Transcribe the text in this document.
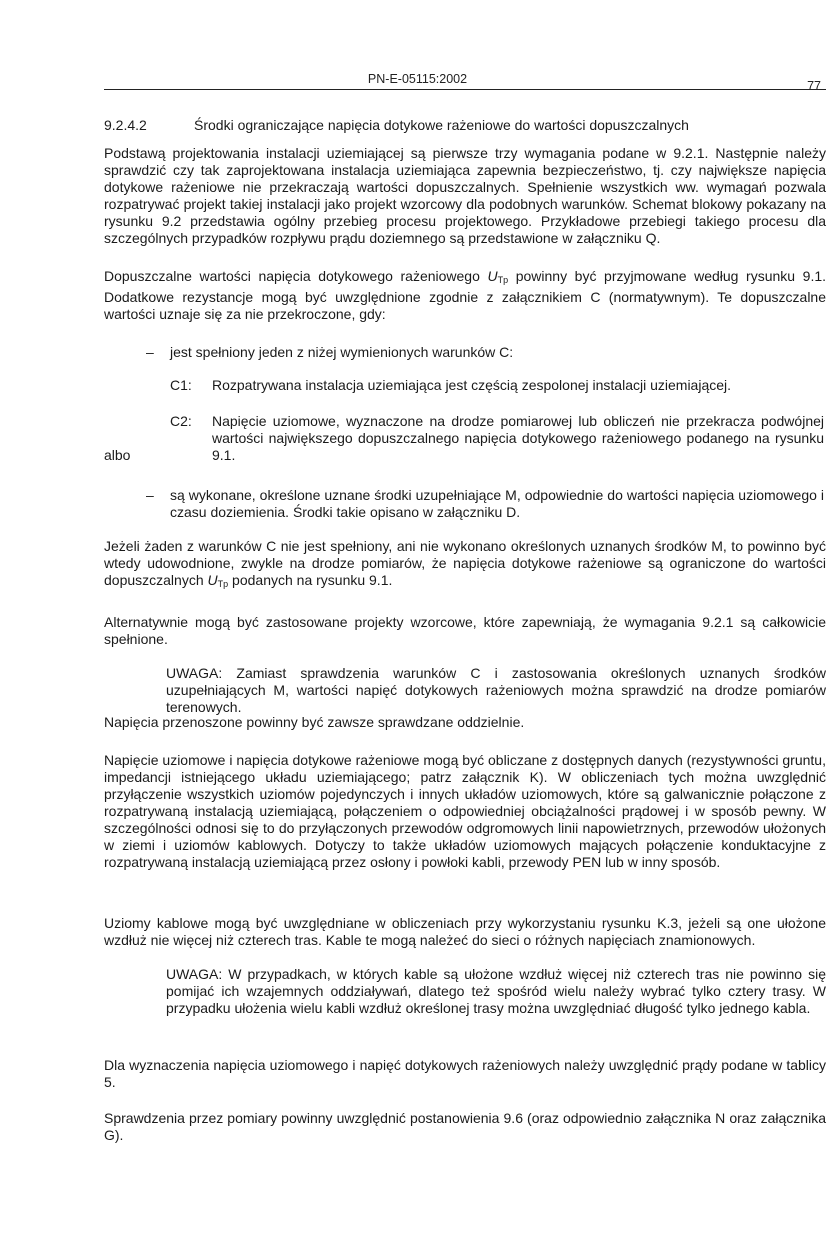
PN-E-05115:2002	77
9.2.4.2	Środki ograniczające napięcia dotykowe rażeniowe do wartości dopuszczalnych
Podstawą projektowania instalacji uziemiającej są pierwsze trzy wymagania podane w 9.2.1. Następnie należy sprawdzić czy tak zaprojektowana instalacja uziemiająca zapewnia bezpieczeństwo, tj. czy największe napięcia dotykowe rażeniowe nie przekraczają wartości dopuszczalnych. Spełnienie wszystkich ww. wymagań pozwala rozpatrywać projekt takiej instalacji jako projekt wzorcowy dla podobnych warunków. Schemat blokowy pokazany na rysunku 9.2 przedstawia ogólny przebieg procesu projektowego. Przykładowe przebiegi takiego procesu dla szczególnych przypadków rozpływu prądu doziemnego są przedstawione w załączniku Q.
Dopuszczalne wartości napięcia dotykowego rażeniowego $U_{Tp}$ powinny być przyjmowane według rysunku 9.1. Dodatkowe rezystancje mogą być uwzględnione zgodnie z załącznikiem C (normatywnym). Te dopuszczalne wartości uznaje się za nie przekroczone, gdy:
– jest spełniony jeden z niżej wymienionych warunków C:
C1: Rozpatrywana instalacja uziemiająca jest częścią zespolonej instalacji uziemiającej.
C2: Napięcie uziomowe, wyznaczone na drodze pomiarowej lub obliczeń nie przekracza podwójnej wartości największego dopuszczalnego napięcia dotykowego rażeniowego podanego na rysunku 9.1.
albo
– są wykonane, określone uznane środki uzupełniające M, odpowiednie do wartości napięcia uziomowego i czasu doziemienia. Środki takie opisano w załączniku D.
Jeżeli żaden z warunków C nie jest spełniony, ani nie wykonano określonych uznanych środków M, to powinno być wtedy udowodnione, zwykle na drodze pomiarów, że napięcia dotykowe rażeniowe są ograniczone do wartości dopuszczalnych $U_{Tp}$ podanych na rysunku 9.1.
Alternatywnie mogą być zastosowane projekty wzorcowe, które zapewniają, że wymagania 9.2.1 są całkowicie spełnione.
UWAGA: Zamiast sprawdzenia warunków C i zastosowania określonych uznanych środków uzupełniających M, wartości napięć dotykowych rażeniowych można sprawdzić na drodze pomiarów terenowych.
Napięcia przenoszone powinny być zawsze sprawdzane oddzielnie.
Napięcie uziomowe i napięcia dotykowe rażeniowe mogą być obliczane z dostępnych danych (rezystywności gruntu, impedancji istniejącego układu uziemiającego; patrz załącznik K). W obliczeniach tych można uwzględnić przyłączenie wszystkich uziomów pojedynczych i innych układów uziomowych, które są galwanicznie połączone z rozpatrywaną instalacją uziemiającą, połączeniem o odpowiedniej obciążalności prądowej i w sposób pewny. W szczególności odnosi się to do przyłączonych przewodów odgromowych linii napowietrznych, przewodów ułożonych w ziemi i uziomów kablowych. Dotyczy to także układów uziomowych mających połączenie konduktacyjne z rozpatrywaną instalacją uziemiającą przez osłony i powłoki kabli, przewody PEN lub w inny sposób.
Uziomy kablowe mogą być uwzględniane w obliczeniach przy wykorzystaniu rysunku K.3, jeżeli są one ułożone wzdłuż nie więcej niż czterech tras. Kable te mogą należeć do sieci o różnych napięciach znamionowych.
UWAGA: W przypadkach, w których kable są ułożone wzdłuż więcej niż czterech tras nie powinno się pomijać ich wzajemnych oddziaływań, dlatego też spośród wielu należy wybrać tylko cztery trasy. W przypadku ułożenia wielu kabli wzdłuż określonej trasy można uwzględniać długość tylko jednego kabla.
Dla wyznaczenia napięcia uziomowego i napięć dotykowych rażeniowych należy uwzględnić prądy podane w tablicy 5.
Sprawdzenia przez pomiary powinny uwzględnić postanowienia 9.6 (oraz odpowiednio załącznika N oraz załącznika G).
